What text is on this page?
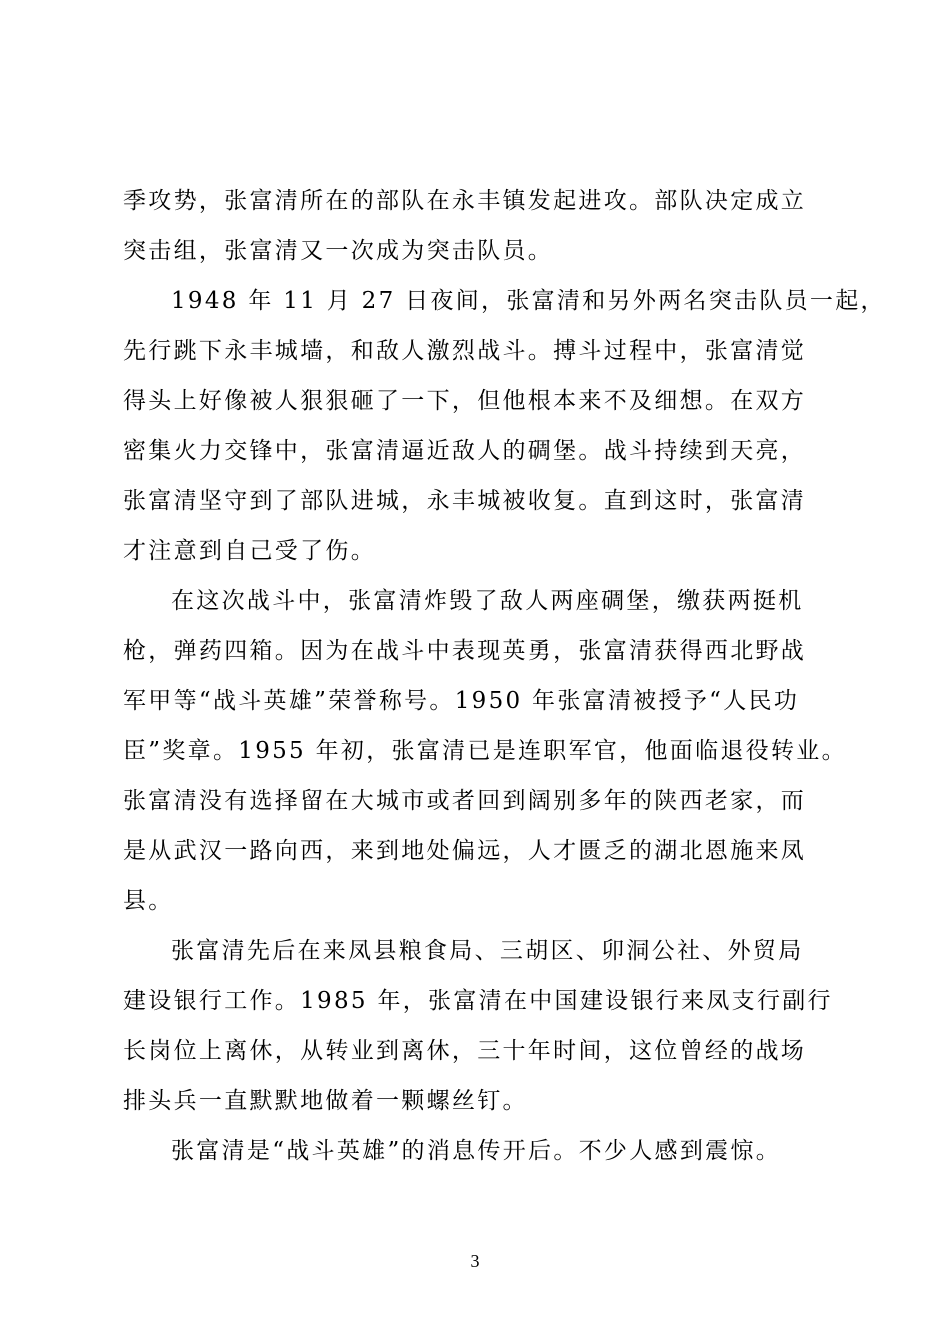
季攻势，张富清所在的部队在永丰镇发起进攻。部队决定成立
突击组，张富清又一次成为突击队员。
1948 年 11 月 27 日夜间，张富清和另外两名突击队员一起，
先行跳下永丰城墙，和敌人激烈战斗。搏斗过程中，张富清觉
得头上好像被人狠狠砸了一下，但他根本来不及细想。在双方
密集火力交锋中，张富清逼近敌人的碉堡。战斗持续到天亮，
张富清坚守到了部队进城，永丰城被收复。直到这时，张富清
才注意到自己受了伤。
在这次战斗中，张富清炸毁了敌人两座碉堡，缴获两挺机
枪，弹药四箱。因为在战斗中表现英勇，张富清获得西北野战
军甲等“战斗英雄”荣誉称号。1950 年张富清被授予“人民功
臣”奖章。1955 年初，张富清已是连职军官，他面临退役转业。
张富清没有选择留在大城市或者回到阔别多年的陕西老家，而
是从武汉一路向西，来到地处偏远，人才匮乏的湖北恩施来凤
县。
张富清先后在来凤县粮食局、三胡区、卯洞公社、外贸局
建设银行工作。1985 年，张富清在中国建设银行来凤支行副行
长岗位上离休，从转业到离休，三十年时间，这位曾经的战场
排头兵一直默默地做着一颗螺丝钉。
张富清是“战斗英雄”的消息传开后。不少人感到震惊。
3
